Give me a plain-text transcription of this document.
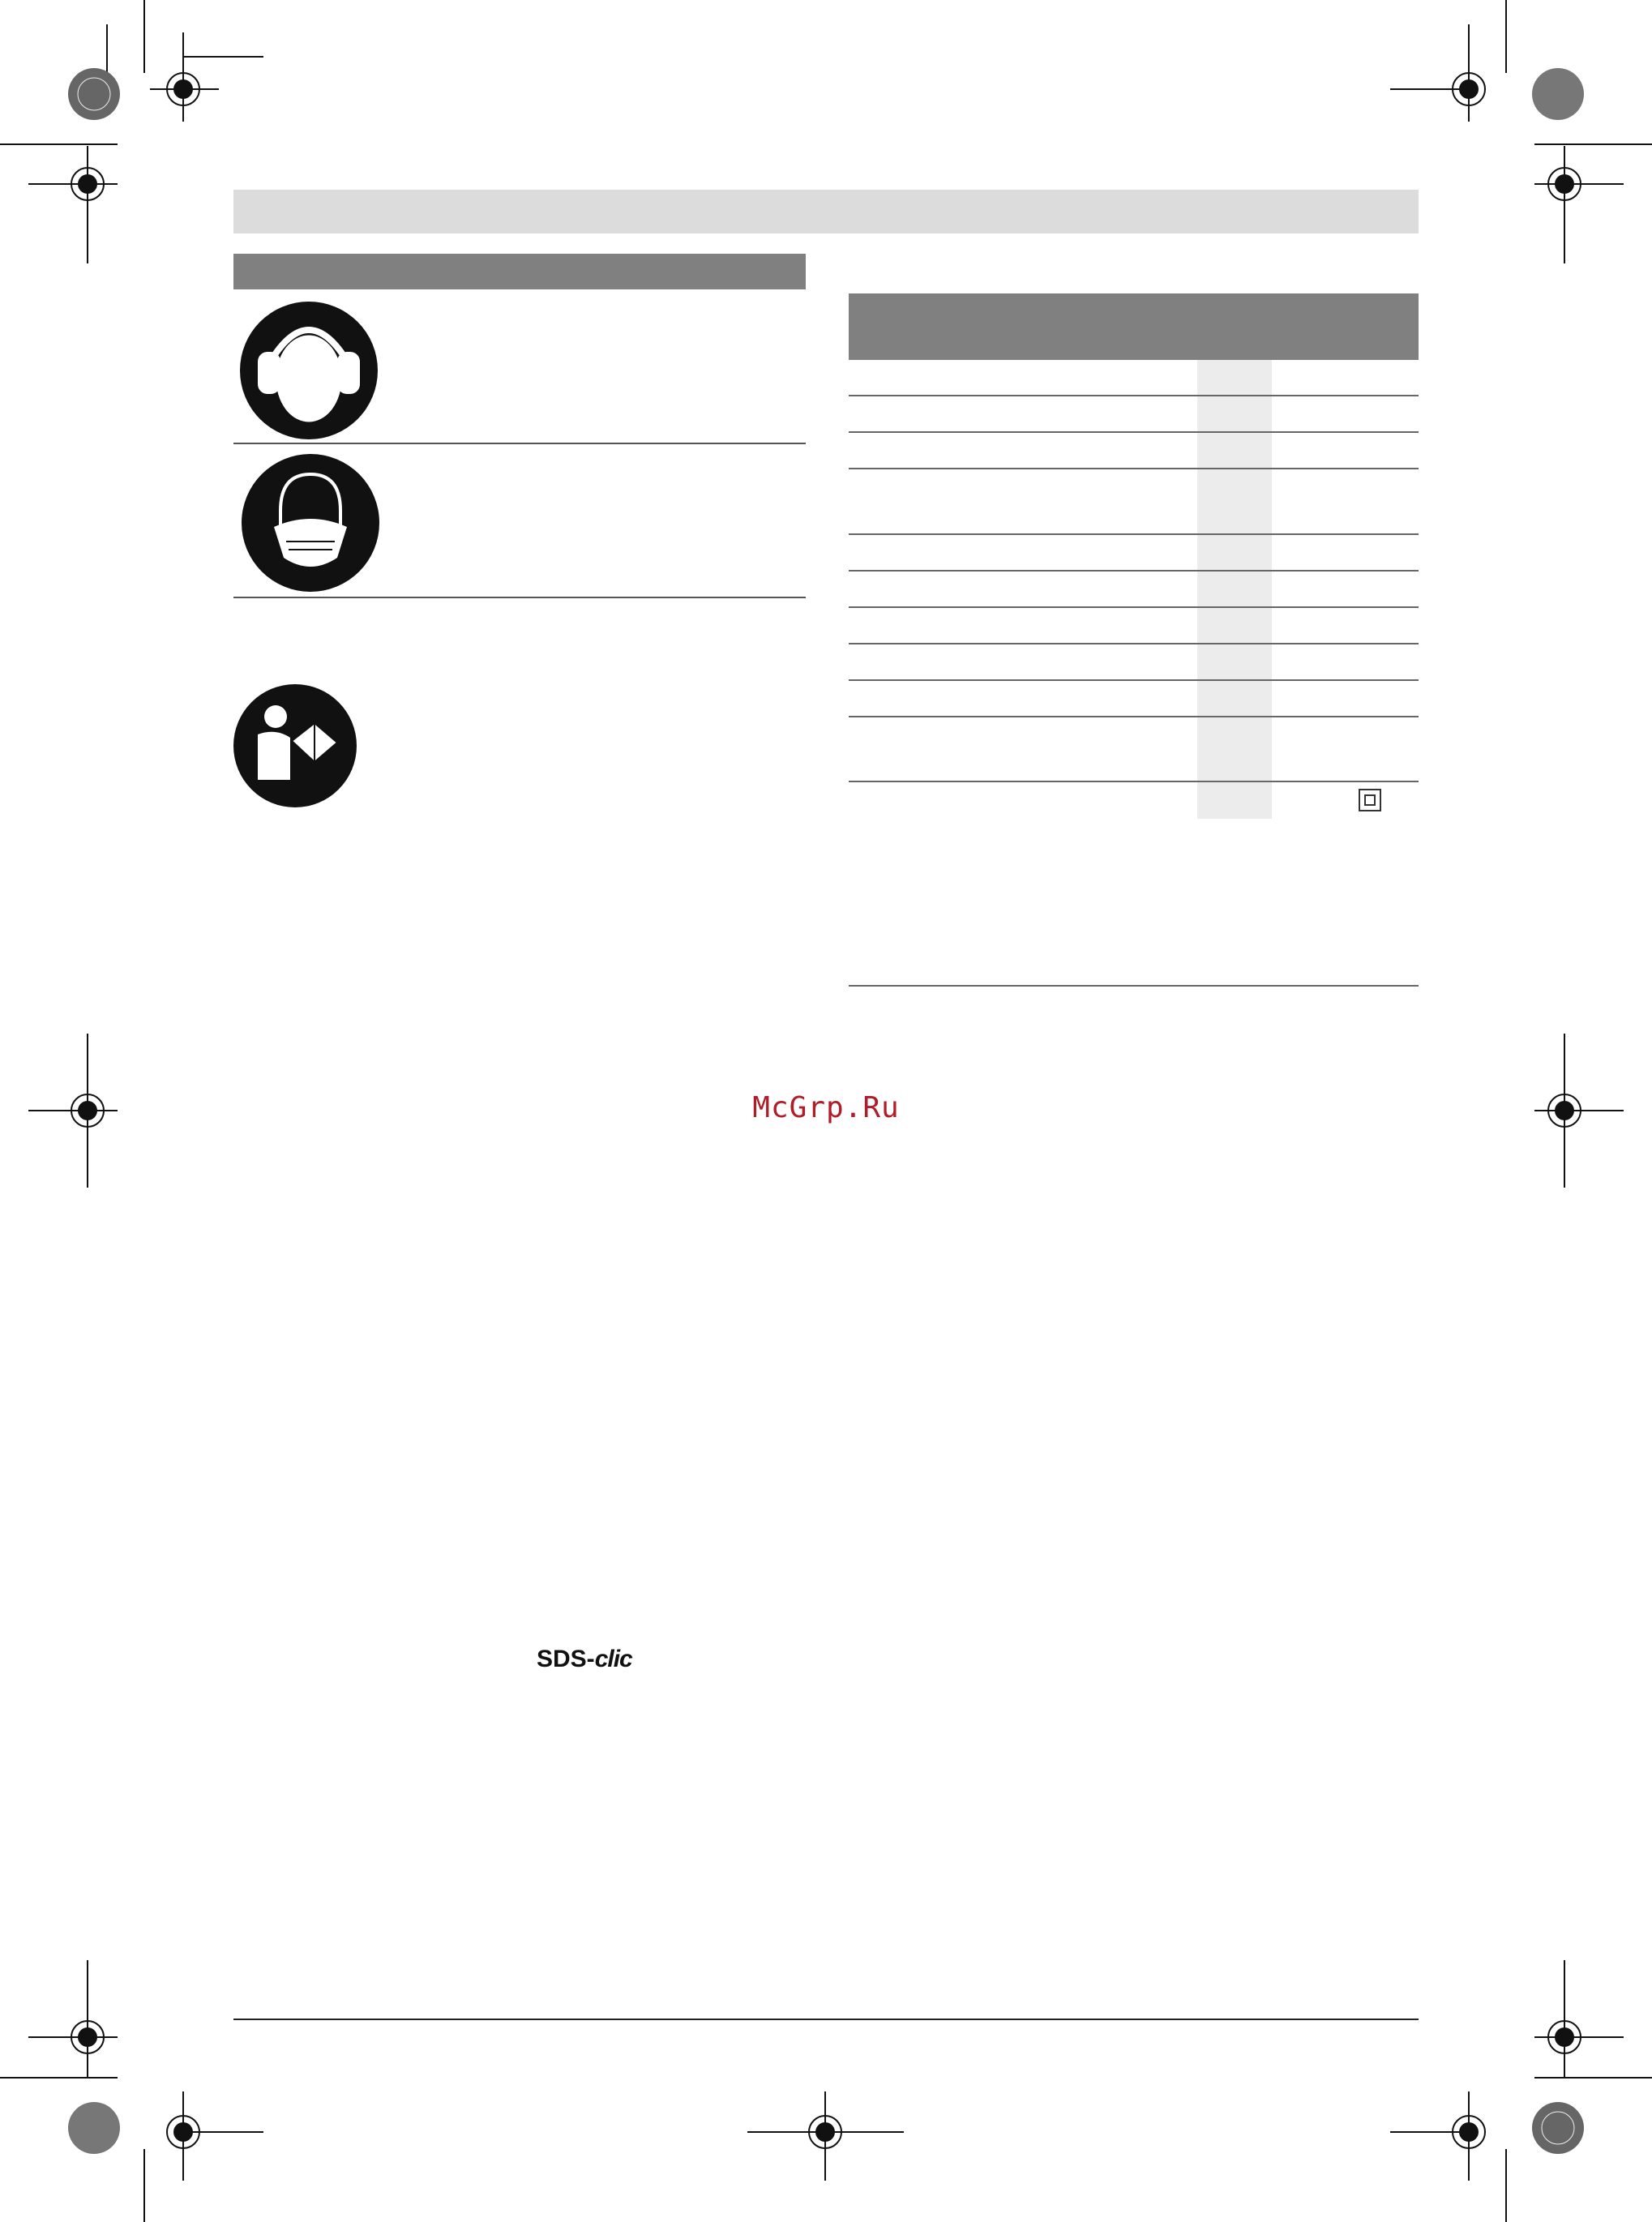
McGrp.Ru
SDS-clic
